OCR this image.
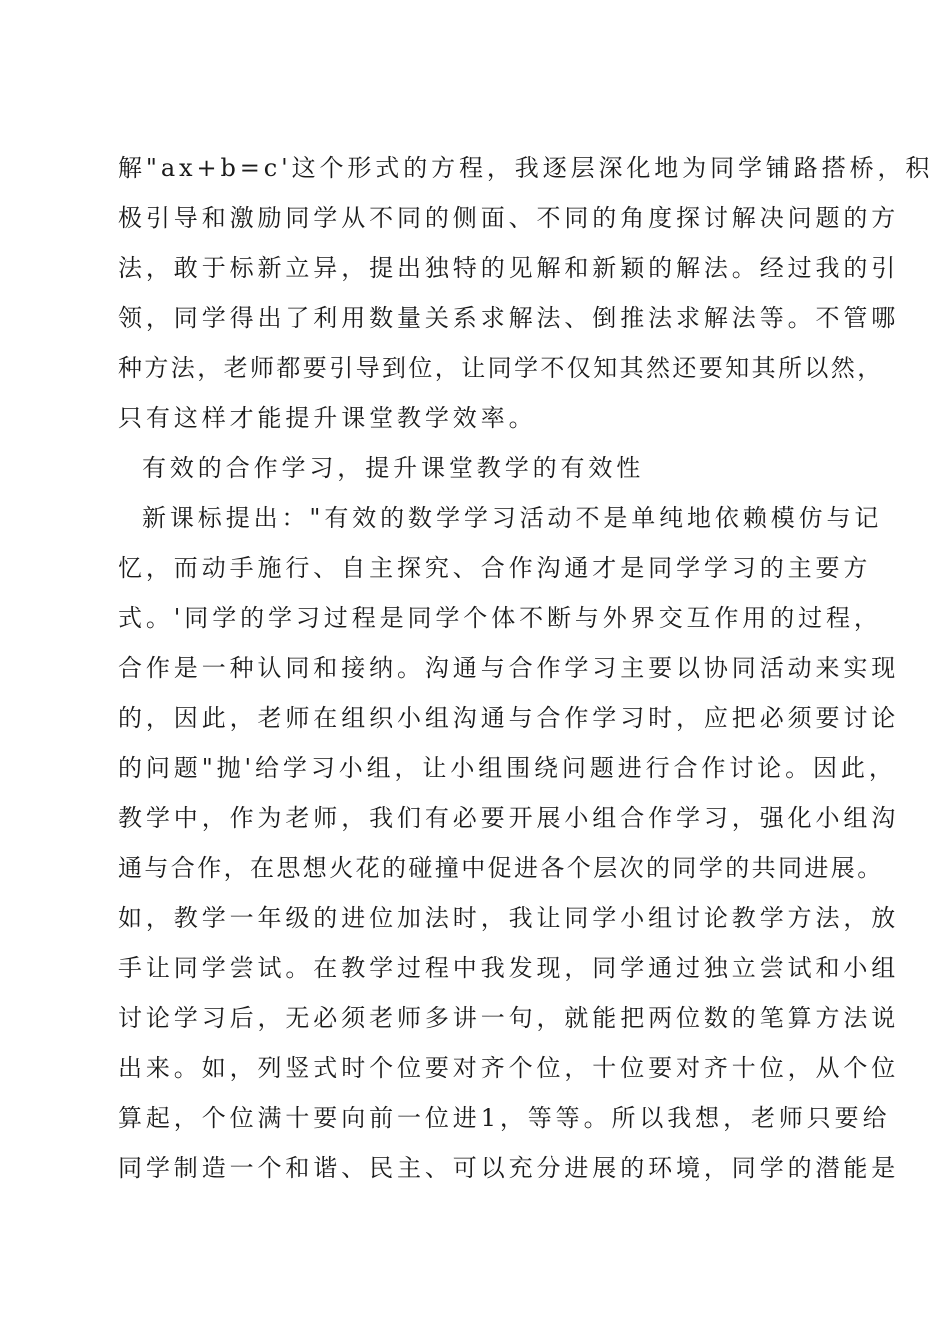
解"ax+b=c'这个形式的方程，我逐层深化地为同学铺路搭桥，积
极引导和激励同学从不同的侧面、不同的角度探讨解决问题的方
法，敢于标新立异，提出独特的见解和新颖的解法。经过我的引
领，同学得出了利用数量关系求解法、倒推法求解法等。不管哪
种方法，老师都要引导到位，让同学不仅知其然还要知其所以然，
只有这样才能提升课堂教学效率。
有效的合作学习，提升课堂教学的有效性
新课标提出："有效的数学学习活动不是单纯地依赖模仿与记
忆，而动手施行、自主探究、合作沟通才是同学学习的主要方
式。'同学的学习过程是同学个体不断与外界交互作用的过程，
合作是一种认同和接纳。沟通与合作学习主要以协同活动来实现
的，因此，老师在组织小组沟通与合作学习时，应把必须要讨论
的问题"抛'给学习小组，让小组围绕问题进行合作讨论。因此，
教学中，作为老师，我们有必要开展小组合作学习，强化小组沟
通与合作，在思想火花的碰撞中促进各个层次的同学的共同进展。
如，教学一年级的进位加法时，我让同学小组讨论教学方法，放
手让同学尝试。在教学过程中我发现，同学通过独立尝试和小组
讨论学习后，无必须老师多讲一句，就能把两位数的笔算方法说
出来。如，列竖式时个位要对齐个位，十位要对齐十位，从个位
算起，个位满十要向前一位进1，等等。所以我想，老师只要给
同学制造一个和谐、民主、可以充分进展的环境，同学的潜能是
